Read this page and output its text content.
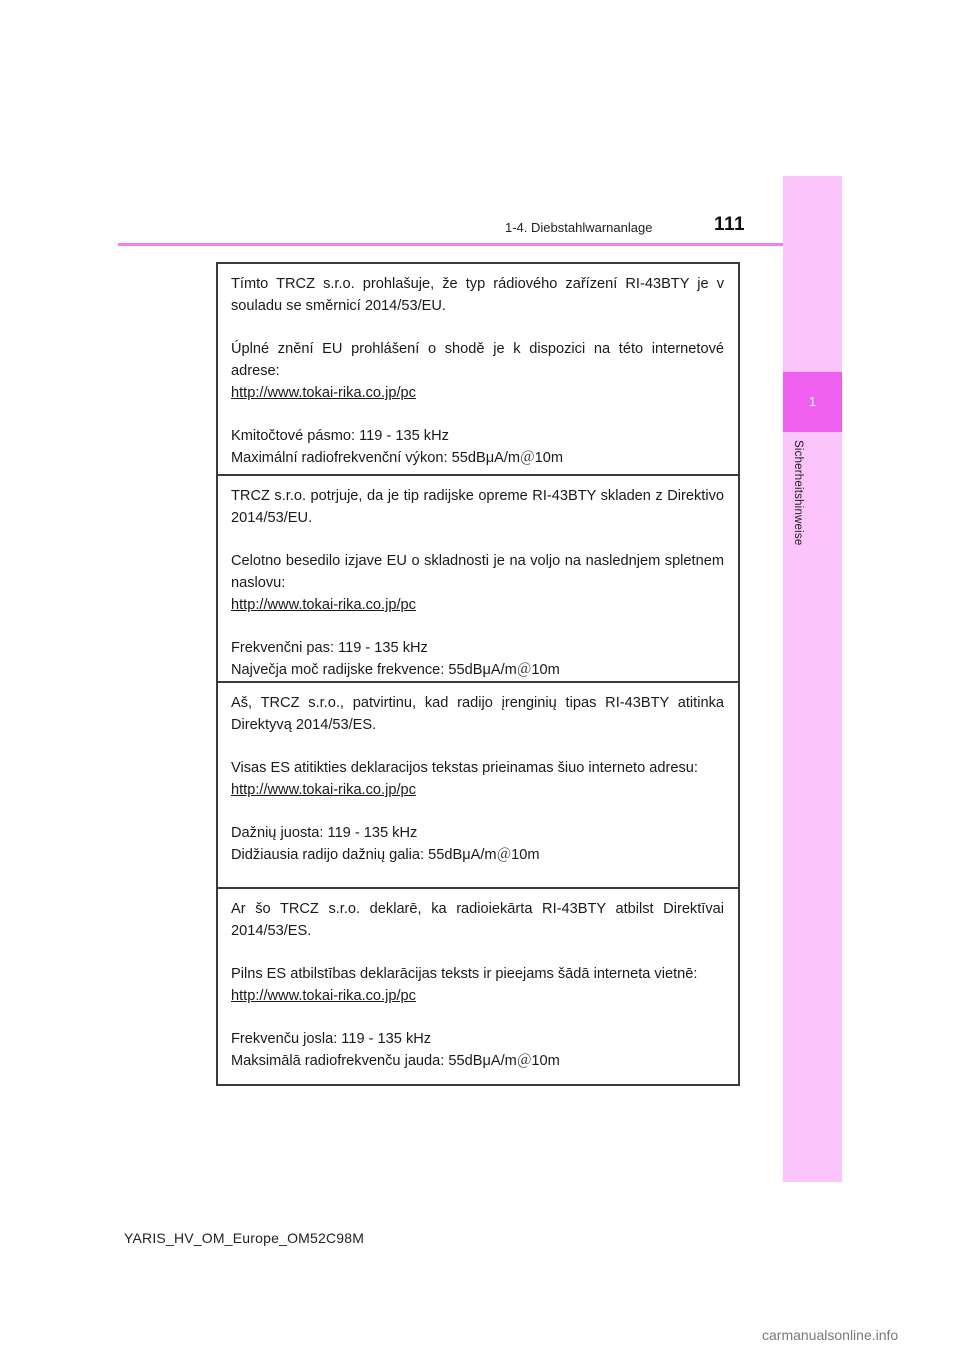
1
Sicherheitshinweise
1-4. Diebstahlwarnanlage	111

Tímto TRCZ s.r.o. prohlašuje, že typ rádiového zařízení RI-43BTY je v souladu se směrnicí 2014/53/EU.

Úplné znění EU prohlášení o shodě je k dispozici na této internetové adrese:

http://www.tokai-rika.co.jp/pc

Kmitočtové pásmo: 119 - 135 kHz

Maximální radiofrekvenční výkon: 55dBμA/m＠10m

TRCZ s.r.o. potrjuje, da je tip radijske opreme RI-43BTY skladen z Direktivo 2014/53/EU.

Celotno besedilo izjave EU o skladnosti je na voljo na naslednjem spletnem naslovu:

http://www.tokai-rika.co.jp/pc

Frekvenčni pas: 119 - 135 kHz

Največja moč radijske frekvence: 55dBμA/m＠10m

Aš, TRCZ s.r.o., patvirtinu, kad radijo įrenginių tipas RI-43BTY atitinka Direktyvą 2014/53/ES.

Visas ES atitikties deklaracijos tekstas prieinamas šiuo interneto adresu:

http://www.tokai-rika.co.jp/pc

Dažnių juosta: 119 - 135 kHz

Didžiausia radijo dažnių galia: 55dBμA/m＠10m

Ar šo TRCZ s.r.o. deklarē, ka radioiekārta RI-43BTY atbilst Direktīvai 2014/53/ES.

Pilns ES atbilstības deklarācijas teksts ir pieejams šādā interneta vietnē:

http://www.tokai-rika.co.jp/pc

Frekvenču josla: 119 - 135 kHz

Maksimālā radiofrekvenču jauda: 55dBμA/m＠10m

YARIS_HV_OM_Europe_OM52C98M
carmanualsonline.info
